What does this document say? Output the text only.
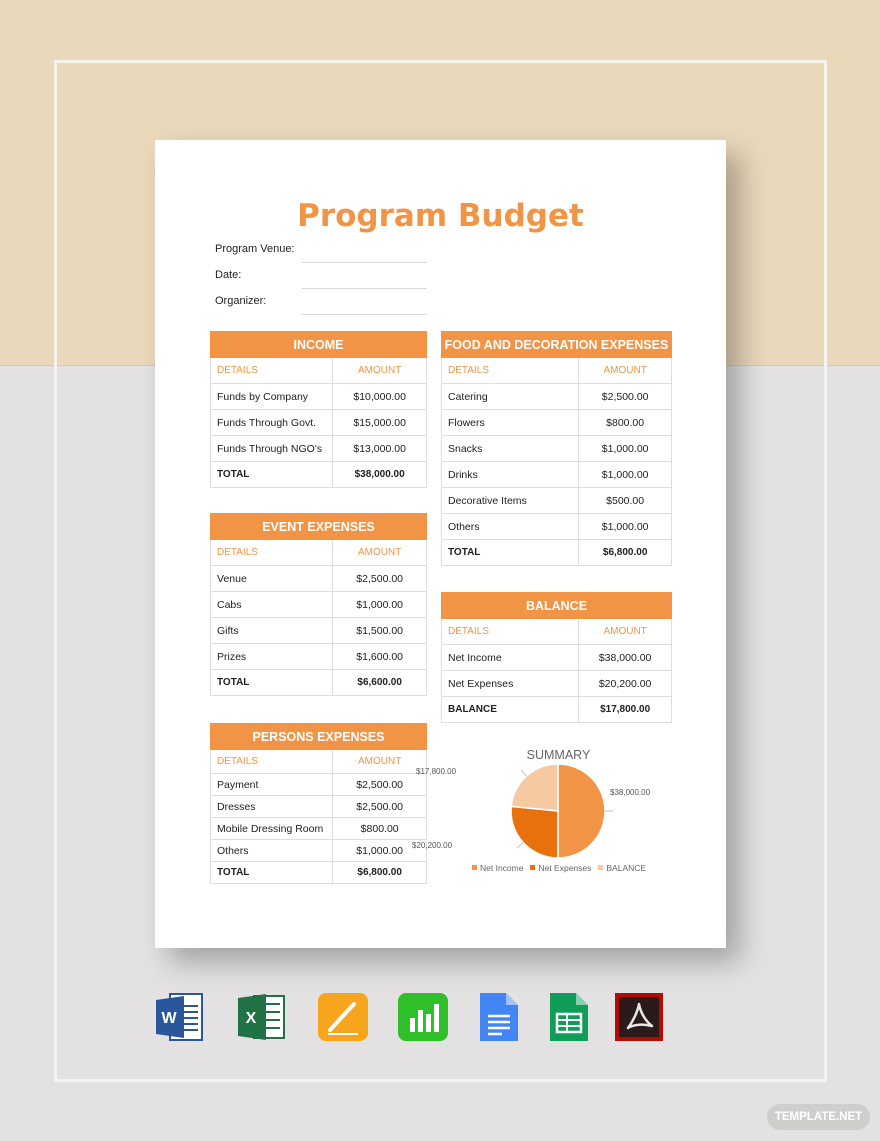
Program Budget
Program Venue:
Date:
Organizer:
INCOME	
DETAILS	AMOUNT
Funds by Company	$10,000.00
Funds Through Govt.	$15,000.00
Funds Through NGO's	$13,000.00
TOTAL	$38,000.00
EVENT EXPENSES	
DETAILS	AMOUNT
Venue	$2,500.00
Cabs	$1,000.00
Gifts	$1,500.00
Prizes	$1,600.00
TOTAL	$6,600.00
PERSONS EXPENSES	
DETAILS	AMOUNT
Payment	$2,500.00
Dresses	$2,500.00
Mobile Dressing Room	$800.00
Others	$1,000.00
TOTAL	$6,800.00
FOOD AND DECORATION EXPENSES	
DETAILS	AMOUNT
Catering	$2,500.00
Flowers	$800.00
Snacks	$1,000.00
Drinks	$1,000.00
Decorative Items	$500.00
Others	$1,000.00
TOTAL	$6,800.00
BALANCE	
DETAILS	AMOUNT
Net Income	$38,000.00
Net Expenses	$20,200.00
BALANCE	$17,800.00
SUMMARY
$38,000.00
$20,200.00
$17,800.00
Net Income Net Expenses BALANCE
W	X
TEMPLATE.NET
